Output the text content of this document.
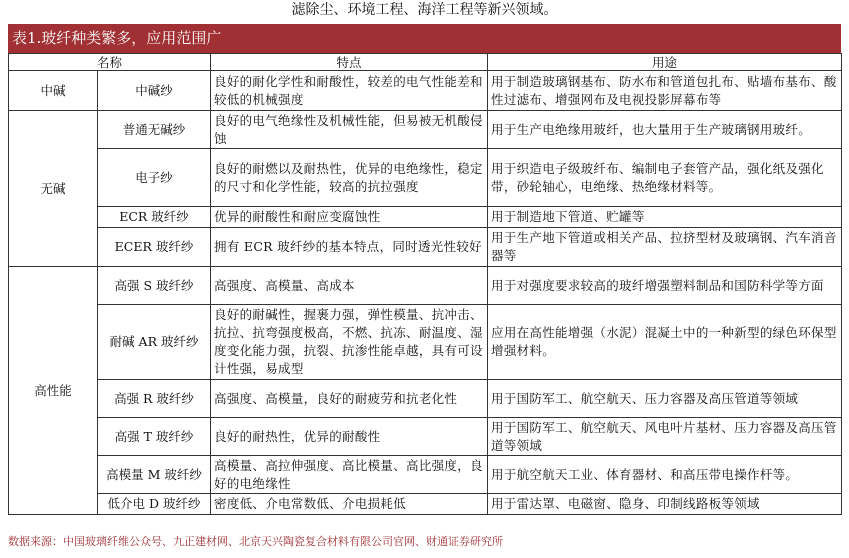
滤除尘、环境工程、海洋工程等新兴领域。
表1.玻纤种类繁多，应用范围广
名称		特点	用途
中碱	中碱纱	良好的耐化学性和耐酸性，较差的电气性能差和较低的机械强度	用于制造玻璃钢基布、防水布和管道包扎布、贴墙布基布、酸性过滤布、增强网布及电视投影屏幕布等
无碱	普通无碱纱	良好的电气绝缘性及机械性能，但易被无机酸侵蚀	用于生产电绝缘用玻纤，也大量用于生产玻璃钢用玻纤。
	电子纱	良好的耐燃以及耐热性，优异的电绝缘性，稳定的尺寸和化学性能，较高的抗拉强度	用于织造电子级玻纤布、编制电子套管产品，强化纸及强化带，砂轮轴心，电绝缘、热绝缘材料等。
	ECR 玻纤纱	优异的耐酸性和耐应变腐蚀性	用于制造地下管道、贮罐等
	ECER 玻纤纱	拥有 ECR 玻纤纱的基本特点，同时透光性较好	用于生产地下管道或相关产品、拉挤型材及玻璃钢、汽车消音器等
高性能	高强 S 玻纤纱	高强度、高模量、高成本	用于对强度要求较高的玻纤增强塑料制品和国防科学等方面
	耐碱 AR 玻纤纱	良好的耐碱性，握裹力强，弹性模量、抗冲击、抗拉、抗弯强度极高，不燃、抗冻、耐温度、湿度变化能力强，抗裂、抗渗性能卓越，具有可设计性强，易成型	应用在高性能增强（水泥）混凝土中的一种新型的绿色环保型增强材料。
	高强 R 玻纤纱	高强度、高模量，良好的耐疲劳和抗老化性	用于国防军工、航空航天、压力容器及高压管道等领域
	高强 T 玻纤纱	良好的耐热性，优异的耐酸性	用于国防军工、航空航天、风电叶片基材、压力容器及高压管道等领域
	高模量 M 玻纤纱	高模量、高拉伸强度、高比模量、高比强度，良好的电绝缘性	用于航空航天工业、体育器材、和高压带电操作杆等。
	低介电 D 玻纤纱	密度低、介电常数低、介电损耗低	用于雷达罩、电磁窗、隐身、印制线路板等领域
数据来源：中国玻璃纤维公众号、九正建材网、北京天兴陶瓷复合材料有限公司官网、财通证券研究所
